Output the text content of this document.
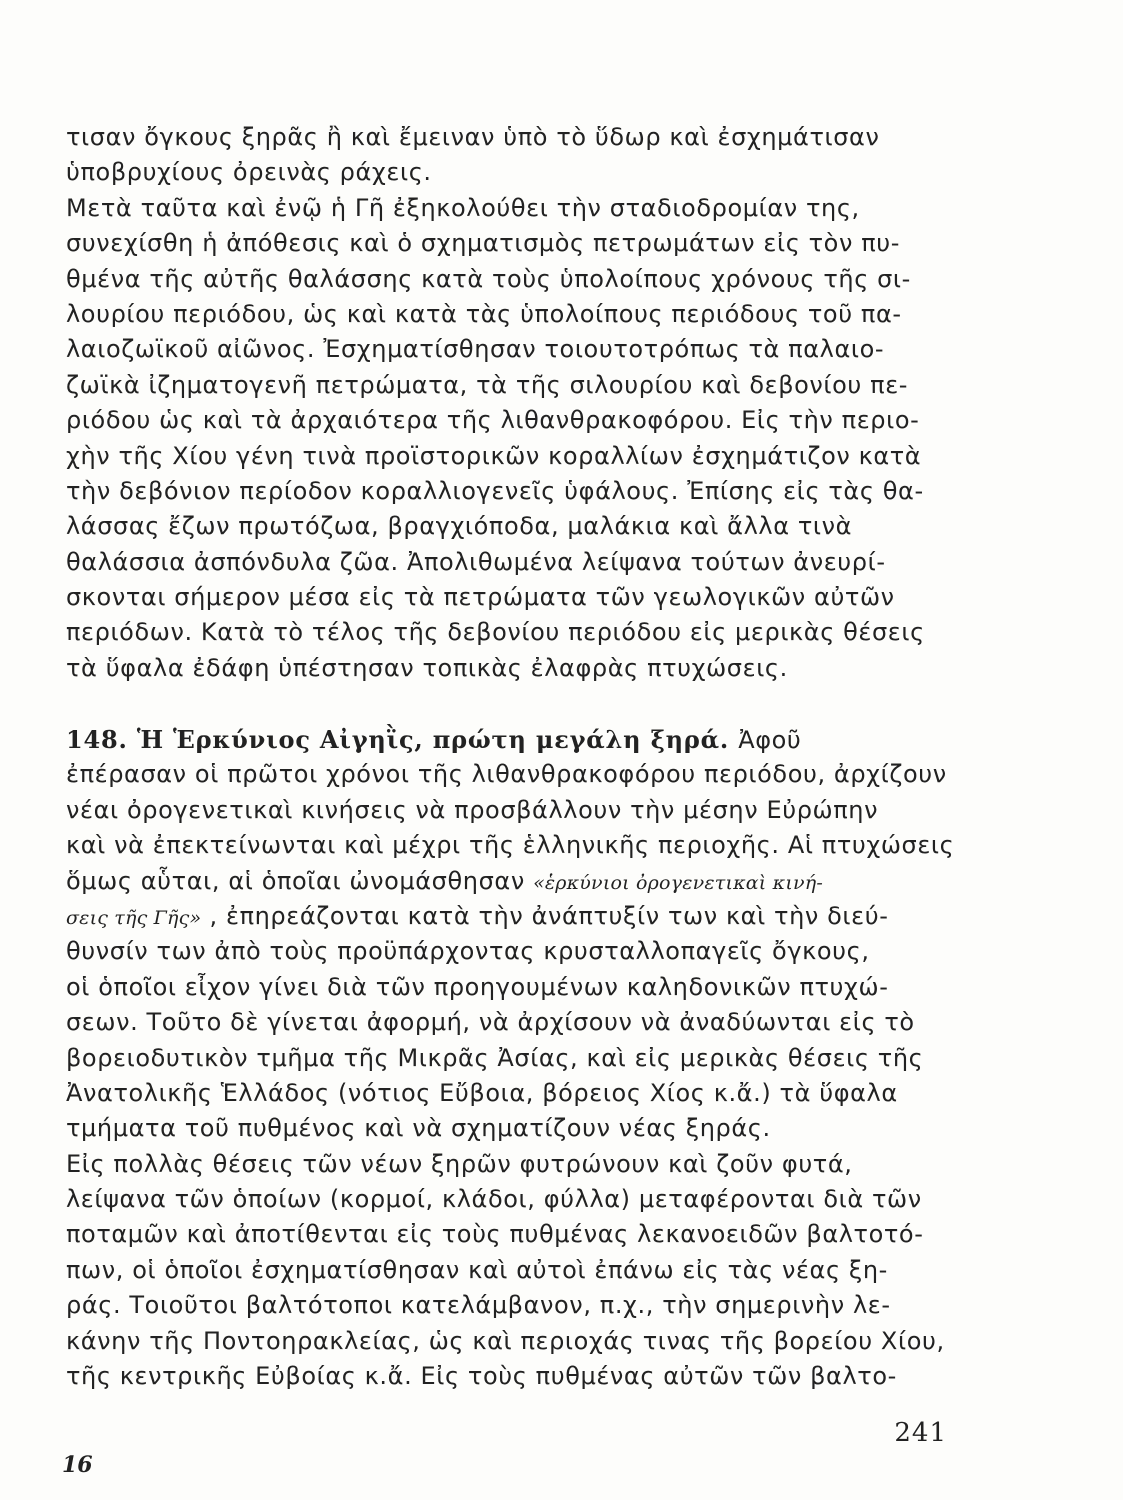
τισαν ὄγκους ξηρᾶς ἢ καὶ ἔμειναν ὑπὸ τὸ ὕδωρ καὶ ἐσχημάτισαν
ὑποβρυχίους ὀρεινὰς ράχεις.
Μετὰ ταῦτα καὶ ἐνῷ ἡ Γῆ ἐξηκολούθει τὴν σταδιοδρομίαν της,
συνεχίσθη ἡ ἀπόθεσις καὶ ὁ σχηματισμὸς πετρωμάτων εἰς τὸν πυ-
θμένα τῆς αὐτῆς θαλάσσης κατὰ τοὺς ὑπολοίπους χρόνους τῆς σι-
λουρίου περιόδου, ὡς καὶ κατὰ τὰς ὑπολοίπους περιόδους τοῦ πα-
λαιοζωϊκοῦ αἰῶνος. Ἐσχηματίσθησαν τοιουτοτρόπως τὰ παλαιο-
ζωϊκὰ ἰζηματογενῆ πετρώματα, τὰ τῆς σιλουρίου καὶ δεβονίου πε-
ριόδου ὡς καὶ τὰ ἀρχαιότερα τῆς λιθανθρακοφόρου. Εἰς τὴν περιο-
χὴν τῆς Χίου γένη τινὰ προϊστορικῶν κοραλλίων ἐσχημάτιζον κατὰ
τὴν δεβόνιον περίοδον κοραλλιογενεῖς ὑφάλους. Ἐπίσης εἰς τὰς θα-
λάσσας ἔζων πρωτόζωα, βραγχιόποδα, μαλάκια καὶ ἄλλα τινὰ
θαλάσσια ἀσπόνδυλα ζῶα. Ἀπολιθωμένα λείψανα τούτων ἀνευρί-
σκονται σήμερον μέσα εἰς τὰ πετρώματα τῶν γεωλογικῶν αὐτῶν
περιόδων. Κατὰ τὸ τέλος τῆς δεβονίου περιόδου εἰς μερικὰς θέσεις
τὰ ὕφαλα ἐδάφη ὑπέστησαν τοπικὰς ἐλαφρὰς πτυχώσεις.
148. Ἡ Ἑρκύνιος Αἰγηῒς, πρώτη μεγάλη ξηρά. Ἀφοῦ
ἐπέρασαν οἱ πρῶτοι χρόνοι τῆς λιθανθρακοφόρου περιόδου, ἀρχίζουν
νέαι ὀρογενετικαὶ κινήσεις νὰ προσβάλλουν τὴν μέσην Εὐρώπην
καὶ νὰ ἐπεκτείνωνται καὶ μέχρι τῆς ἑλληνικῆς περιοχῆς. Αἱ πτυχώσεις
ὅμως αὗται, αἱ ὁποῖαι ὠνομάσθησαν «ἑρκύνιοι ὀρογενετικαὶ κινή-
σεις τῆς Γῆς» , ἐπηρεάζονται κατὰ τὴν ἀνάπτυξίν των καὶ τὴν διεύ-
θυνσίν των ἀπὸ τοὺς προϋπάρχοντας κρυσταλλοπαγεῖς ὄγκους,
οἱ ὁποῖοι εἶχον γίνει διὰ τῶν προηγουμένων καληδονικῶν πτυχώ-
σεων. Τοῦτο δὲ γίνεται ἀφορμή, νὰ ἀρχίσουν νὰ ἀναδύωνται εἰς τὸ
βορειοδυτικὸν τμῆμα τῆς Μικρᾶς Ἀσίας, καὶ εἰς μερικὰς θέσεις τῆς
Ἀνατολικῆς Ἑλλάδος (νότιος Εὔβοια, βόρειος Χίος κ.ἄ.) τὰ ὕφαλα
τμήματα τοῦ πυθμένος καὶ νὰ σχηματίζουν νέας ξηράς.
Εἰς πολλὰς θέσεις τῶν νέων ξηρῶν φυτρώνουν καὶ ζοῦν φυτά,
λείψανα τῶν ὁποίων (κορμοί, κλάδοι, φύλλα) μεταφέρονται διὰ τῶν
ποταμῶν καὶ ἀποτίθενται εἰς τοὺς πυθμένας λεκανοειδῶν βαλτοτό-
πων, οἱ ὁποῖοι ἐσχηματίσθησαν καὶ αὐτοὶ ἐπάνω εἰς τὰς νέας ξη-
ράς. Τοιοῦτοι βαλτότοποι κατελάμβανον, π.χ., τὴν σημερινὴν λε-
κάνην τῆς Ποντοηρακλείας, ὡς καὶ περιοχάς τινας τῆς βορείου Χίου,
τῆς κεντρικῆς Εὐβοίας κ.ἄ. Εἰς τοὺς πυθμένας αὐτῶν τῶν βαλτο-
241
16
